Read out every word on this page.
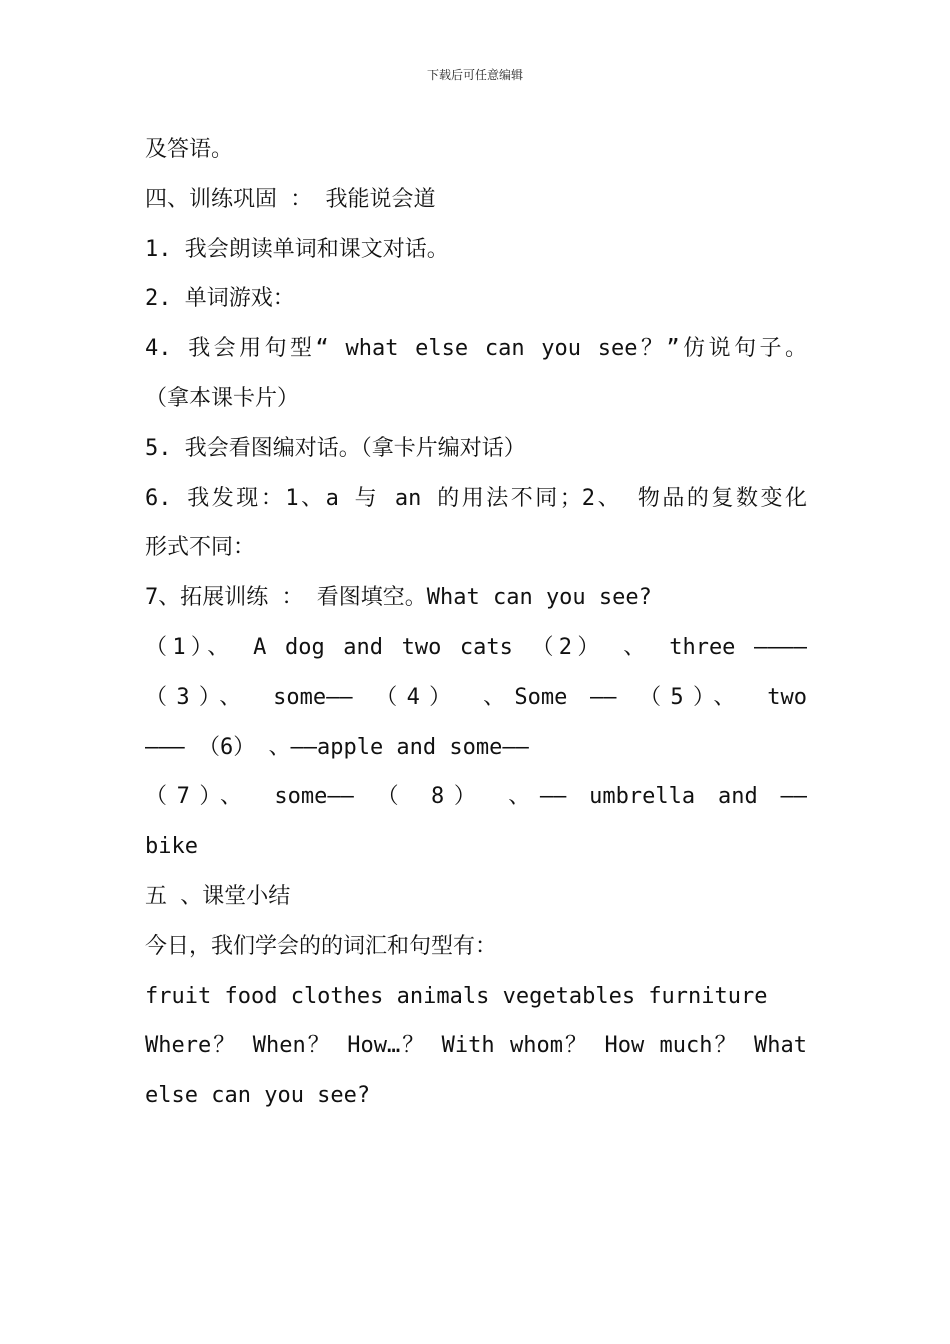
下载后可任意编辑
及答语。
四、训练巩固 ： 我能说会道
1. 我会朗读单词和课文对话。
2. 单词游戏：
4. 我会用句型“ what else can you see？”仿说句子。
（拿本课卡片）
5. 我会看图编对话。（拿卡片编对话）
6. 我发现：1、a 与 an 的用法不同；2、 物品的复数变化
形式不同：
7、拓展训练 ： 看图填空。What can you see?
（1）、 A dog and two cats （2） 、 three ————
（3）、 some—— （4） 、Some —— （5）、 two
——— （6） 、——apple and some——
（7）、 some—— （ 8） 、—— umbrella and ——
bike
五 、课堂小结
今日，我们学会的的词汇和句型有：
fruit food clothes animals vegetables furniture
Where？ When？ How…？ With whom？ How much？ What
else can you see?
